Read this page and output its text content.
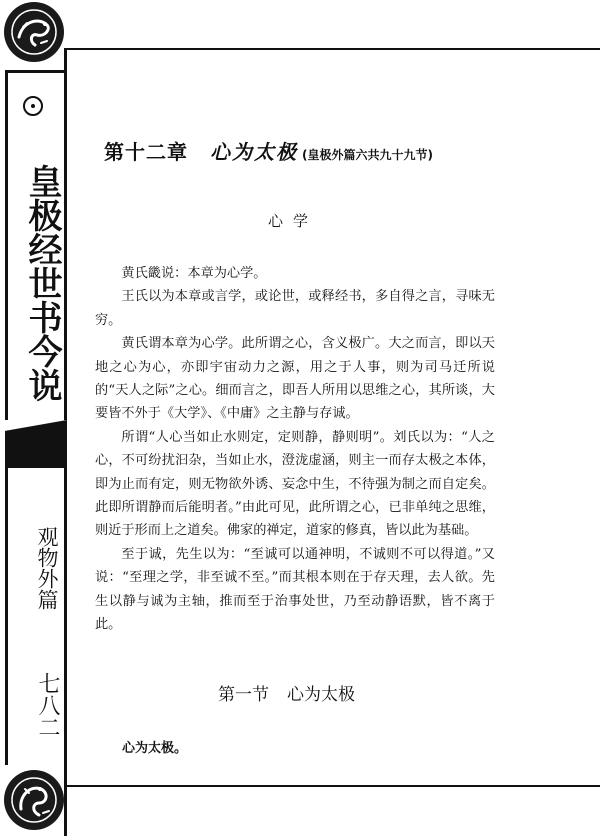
皇极经世书今说
观物外篇
七八二
第十二章 心为太极 (皇极外篇六共九十九节)
心学

黄氏畿说：本章为心学。

王氏以为本章或言学，或论世，或释经书，多自得之言，寻味无穷。

黄氏谓本章为心学。此所谓之心，含义极广。大之而言，即以天地之心为心，亦即宇宙动力之源，用之于人事，则为司马迁所说的“天人之际”之心。细而言之，即吾人所用以思维之心，其所谈，大要皆不外于《大学》、《中庸》之主静与存诚。

所谓“人心当如止水则定，定则静，静则明”。刘氏以为：“人之心，不可纷扰汩杂，当如止水，澄泷虚涵，则主一而存太极之本体，即为止而有定，则无物欲外诱、妄念中生，不待强为制之而自定矣。此即所谓静而后能明者。”由此可见，此所谓之心，已非单纯之思维，则近于形而上之道矣。佛家的禅定，道家的修真，皆以此为基础。

至于诚，先生以为：“至诚可以通神明，不诚则不可以得道。”又说：“至理之学，非至诚不至。”而其根本则在于存天理，去人欲。先生以静与诚为主轴，推而至于治事处世，乃至动静语默，皆不离于此。

第一节 心为太极
心为太极。
